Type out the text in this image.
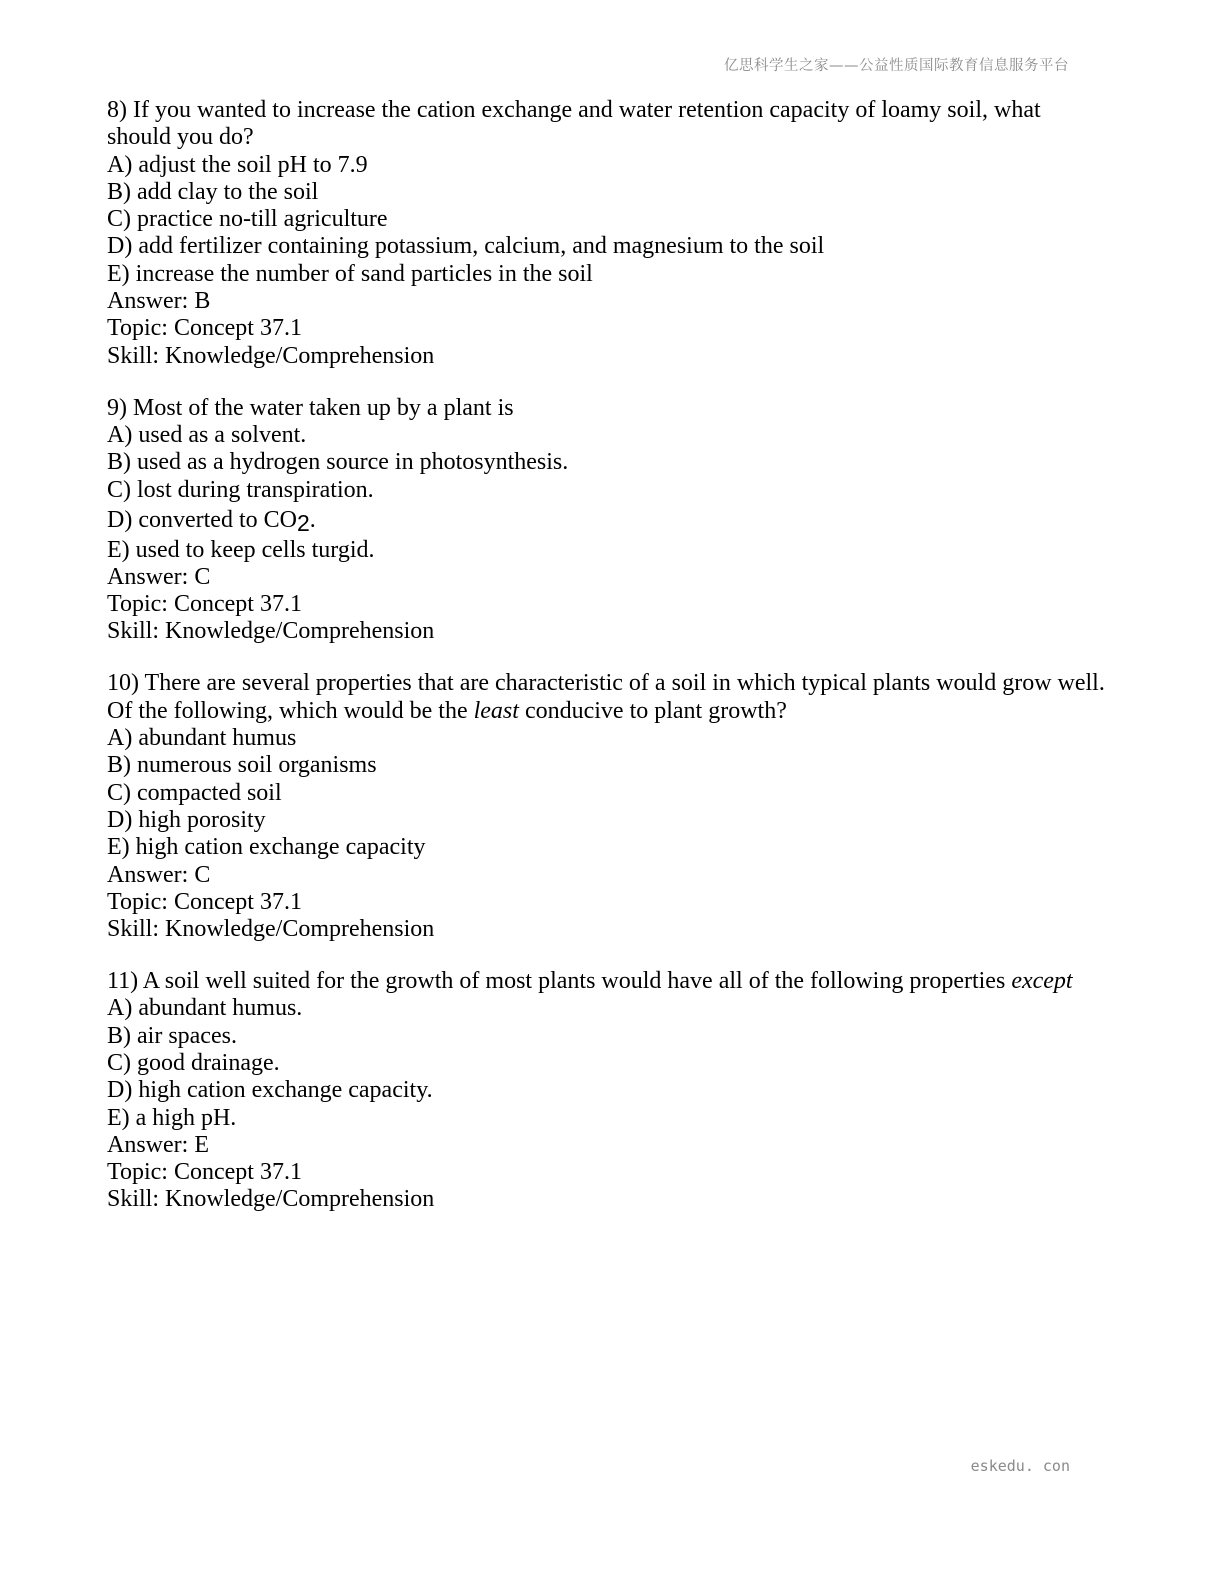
亿思科学生之家——公益性质国际教育信息服务平台
8) If you wanted to increase the cation exchange and water retention capacity of loamy soil, what
should you do?
A) adjust the soil pH to 7.9
B) add clay to the soil
C) practice no-till agriculture
D) add fertilizer containing potassium, calcium, and magnesium to the soil
E) increase the number of sand particles in the soil
Answer: B
Topic: Concept 37.1
Skill: Knowledge/Comprehension
9) Most of the water taken up by a plant is
A) used as a solvent.
B) used as a hydrogen source in photosynthesis.
C) lost during transpiration.
D) converted to CO2.
E) used to keep cells turgid.
Answer: C
Topic: Concept 37.1
Skill: Knowledge/Comprehension
10) There are several properties that are characteristic of a soil in which typical plants would grow well.
Of the following, which would be the least conducive to plant growth?
A) abundant humus
B) numerous soil organisms
C) compacted soil
D) high porosity
E) high cation exchange capacity
Answer: C
Topic: Concept 37.1
Skill: Knowledge/Comprehension
11) A soil well suited for the growth of most plants would have all of the following properties except
A) abundant humus.
B) air spaces.
C) good drainage.
D) high cation exchange capacity.
E) a high pH.
Answer: E
Topic: Concept 37.1
Skill: Knowledge/Comprehension
eskedu. con
